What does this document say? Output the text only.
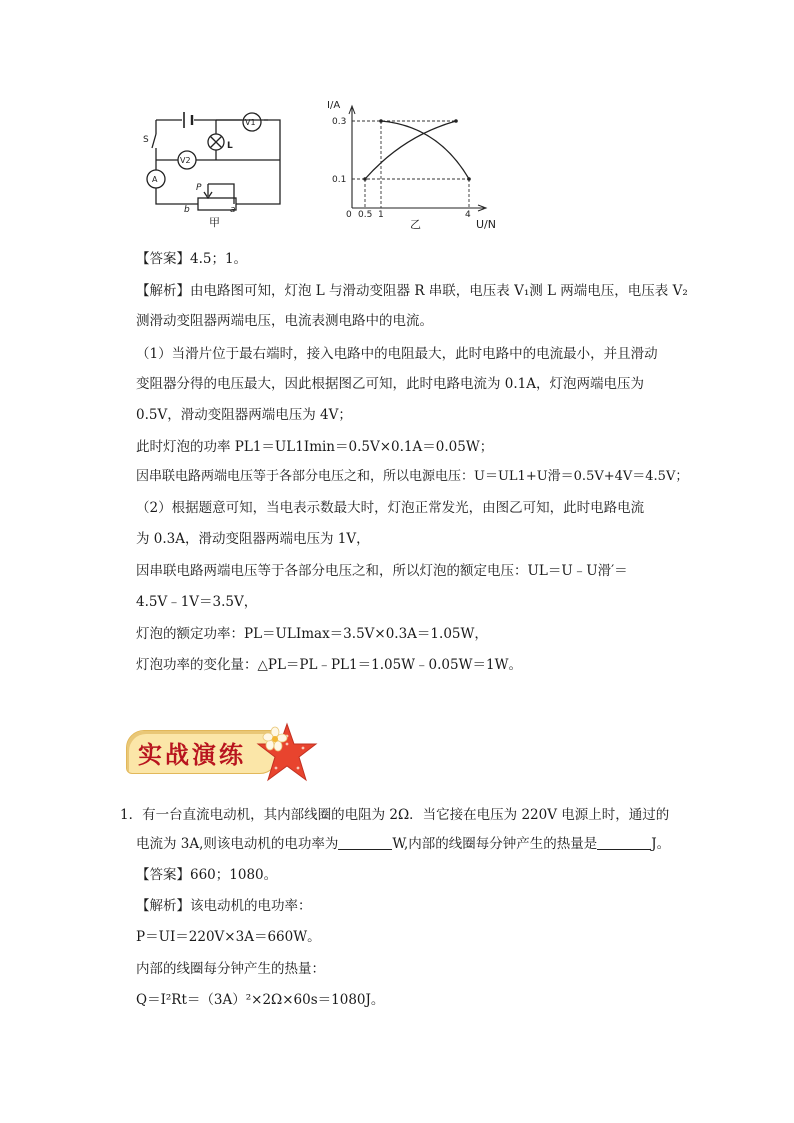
S
L
V1
V2
A
P
b	a
甲
I/A
U/N
0.3
0.1
0 0.5 1	4
乙
【答案】4.5；1。
【解析】由电路图可知，灯泡 L 与滑动变阻器 R 串联，电压表 V₁测 L 两端电压，电压表 V₂
测滑动变阻器两端电压，电流表测电路中的电流。
（1）当滑片位于最右端时，接入电路中的电阻最大，此时电路中的电流最小，并且滑动
变阻器分得的电压最大，因此根据图乙可知，此时电路电流为 0.1A，灯泡两端电压为
0.5V，滑动变阻器两端电压为 4V；
此时灯泡的功率 PL1＝UL1Imin＝0.5V×0.1A＝0.05W；
因串联电路两端电压等于各部分电压之和，所以电源电压：U＝UL1+U滑＝0.5V+4V＝4.5V；
（2）根据题意可知，当电表示数最大时，灯泡正常发光，由图乙可知，此时电路电流
为 0.3A，滑动变阻器两端电压为 1V，
因串联电路两端电压等于各部分电压之和，所以灯泡的额定电压：UL＝U﹣U滑′＝
4.5V﹣1V＝3.5V，
灯泡的额定功率：PL＝ULImax＝3.5V×0.3A＝1.05W，
灯泡功率的变化量：△PL＝PL﹣PL1＝1.05W﹣0.05W＝1W。
实战演练
1．有一台直流电动机，其内部线圈的电阻为 2Ω．当它接在电压为 220V 电源上时，通过的
电流为 3A,则该电动机的电功率为	W,内部的线圈每分钟产生的热量是	J。
【答案】660；1080。
【解析】该电动机的电功率：
P＝UI＝220V×3A＝660W。
内部的线圈每分钟产生的热量：
Q＝I²Rt＝（3A）²×2Ω×60s＝1080J。
